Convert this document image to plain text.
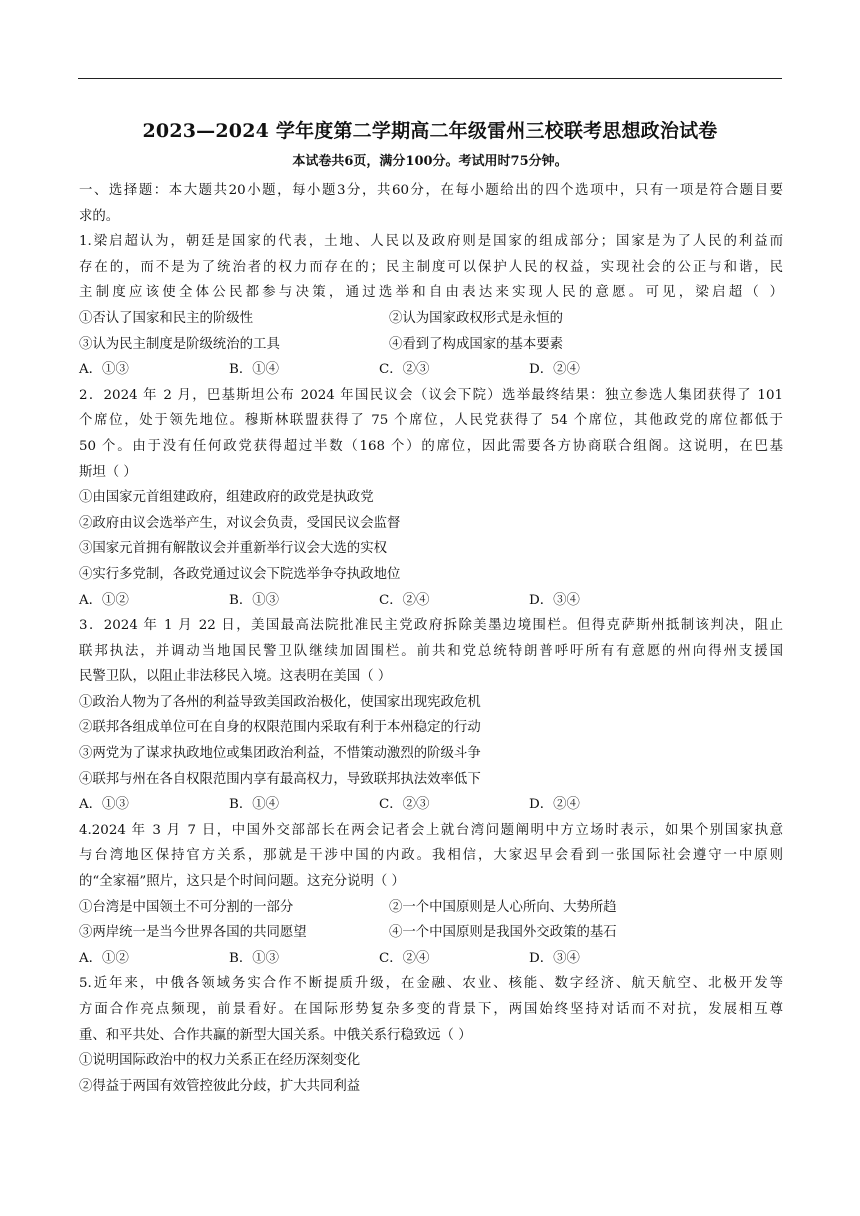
2023—2024 学年度第二学期高二年级雷州三校联考思想政治试卷
本试卷共6页，满分100分。考试用时75分钟。
一、选择题：本大题共20小题，每小题3分，共60分，在每小题给出的四个选项中，只有一项是符合题目要
求的。
1.梁启超认为，朝廷是国家的代表，土地、人民以及政府则是国家的组成部分；国家是为了人民的利益而
存在的，而不是为了统治者的权力而存在的；民主制度可以保护人民的权益，实现社会的公正与和谐，民
主制度应该使全体公民都参与决策，通过选举和自由表达来实现人民的意愿。可见，梁启超（ ）
①否认了国家和民主的阶级性	②认为国家政权形式是永恒的
③认为民主制度是阶级统治的工具	④看到了构成国家的基本要素
A．①③	B．①④	C．②③	D．②④
2．2024 年 2 月，巴基斯坦公布 2024 年国民议会（议会下院）选举最终结果：独立参选人集团获得了 101
个席位，处于领先地位。穆斯林联盟获得了 75 个席位，人民党获得了 54 个席位，其他政党的席位都低于
50 个。由于没有任何政党获得超过半数（168 个）的席位，因此需要各方协商联合组阁。这说明，在巴基
斯坦（ ）
①由国家元首组建政府，组建政府的政党是执政党
②政府由议会选举产生，对议会负责，受国民议会监督
③国家元首拥有解散议会并重新举行议会大选的实权
④实行多党制，各政党通过议会下院选举争夺执政地位
A．①②	B．①③	C．②④	D．③④
3．2024 年 1 月 22 日，美国最高法院批准民主党政府拆除美墨边境围栏。但得克萨斯州抵制该判决，阻止
联邦执法，并调动当地国民警卫队继续加固围栏。前共和党总统特朗普呼吁所有有意愿的州向得州支援国
民警卫队，以阻止非法移民入境。这表明在美国（ ）
①政治人物为了各州的利益导致美国政治极化，使国家出现宪政危机
②联邦各组成单位可在自身的权限范围内采取有利于本州稳定的行动
③两党为了谋求执政地位或集团政治利益，不惜策动激烈的阶级斗争
④联邦与州在各自权限范围内享有最高权力，导致联邦执法效率低下
A．①③	B．①④	C．②③	D．②④
4.2024 年 3 月 7 日，中国外交部部长在两会记者会上就台湾问题阐明中方立场时表示，如果个别国家执意
与台湾地区保持官方关系，那就是干涉中国的内政。我相信，大家迟早会看到一张国际社会遵守一中原则
的“全家福”照片，这只是个时间问题。这充分说明（ ）
①台湾是中国领土不可分割的一部分	②一个中国原则是人心所向、大势所趋
③两岸统一是当今世界各国的共同愿望	④一个中国原则是我国外交政策的基石
A．①②	B．①③	C．②④	D．③④
5.近年来，中俄各领域务实合作不断提质升级，在金融、农业、核能、数字经济、航天航空、北极开发等
方面合作亮点频现，前景看好。在国际形势复杂多变的背景下，两国始终坚持对话而不对抗，发展相互尊
重、和平共处、合作共赢的新型大国关系。中俄关系行稳致远（ ）
①说明国际政治中的权力关系正在经历深刻变化
②得益于两国有效管控彼此分歧，扩大共同利益
